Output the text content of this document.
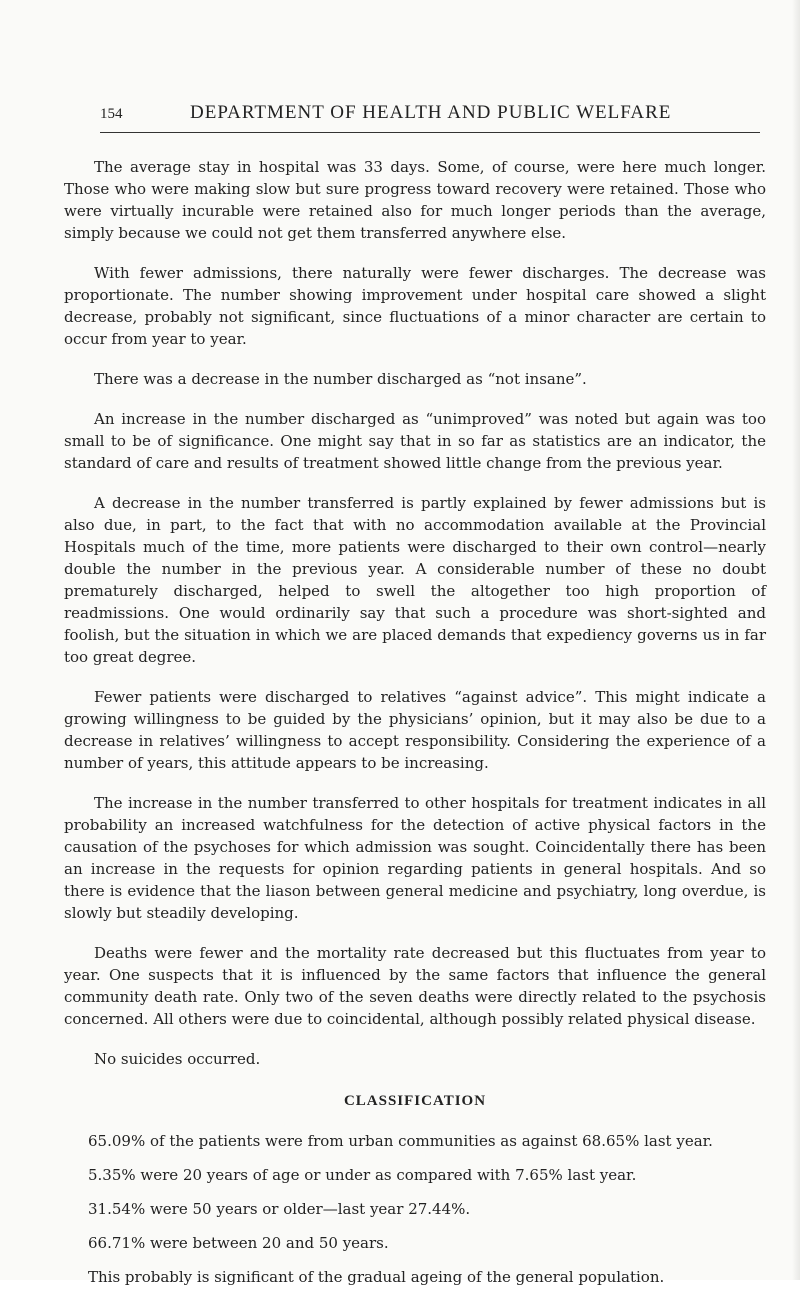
154	DEPARTMENT OF HEALTH AND PUBLIC WELFARE

The average stay in hospital was 33 days. Some, of course, were here much longer. Those who were making slow but sure progress toward recovery were retained. Those who were virtually incurable were retained also for much longer periods than the average, simply because we could not get them transferred anywhere else.

With fewer admissions, there naturally were fewer discharges. The decrease was proportionate. The number showing improvement under hospital care showed a slight decrease, probably not significant, since fluctuations of a minor character are certain to occur from year to year.

There was a decrease in the number discharged as “not insane”.

An increase in the number discharged as “unimproved” was noted but again was too small to be of significance. One might say that in so far as statistics are an indicator, the standard of care and results of treatment showed little change from the previous year.

A decrease in the number transferred is partly explained by fewer admissions but is also due, in part, to the fact that with no accommodation available at the Provincial Hospitals much of the time, more patients were discharged to their own control—nearly double the number in the previous year. A considerable number of these no doubt prematurely discharged, helped to swell the altogether too high proportion of readmissions. One would ordinarily say that such a procedure was short-sighted and foolish, but the situation in which we are placed demands that expediency governs us in far too great degree.

Fewer patients were discharged to relatives “against advice”. This might indicate a growing willingness to be guided by the physicians’ opinion, but it may also be due to a decrease in relatives’ willingness to accept responsibility. Considering the experience of a number of years, this attitude appears to be increasing.

The increase in the number transferred to other hospitals for treatment indicates in all probability an increased watchfulness for the detection of active physical factors in the causation of the psychoses for which admission was sought. Coincidentally there has been an increase in the requests for opinion regarding patients in general hospitals. And so there is evidence that the liason between general medicine and psychiatry, long overdue, is slowly but steadily developing.

Deaths were fewer and the mortality rate decreased but this fluctuates from year to year. One suspects that it is influenced by the same factors that influence the general community death rate. Only two of the seven deaths were directly related to the psychosis concerned. All others were due to coincidental, although possibly related physical disease.

No suicides occurred.

CLASSIFICATION
65.09% of the patients were from urban communities as against 68.65% last year.
5.35% were 20 years of age or under as compared with 7.65% last year.
31.54% were 50 years or older—last year 27.44%.
66.71% were between 20 and 50 years.
This probably is significant of the gradual ageing of the general population.
